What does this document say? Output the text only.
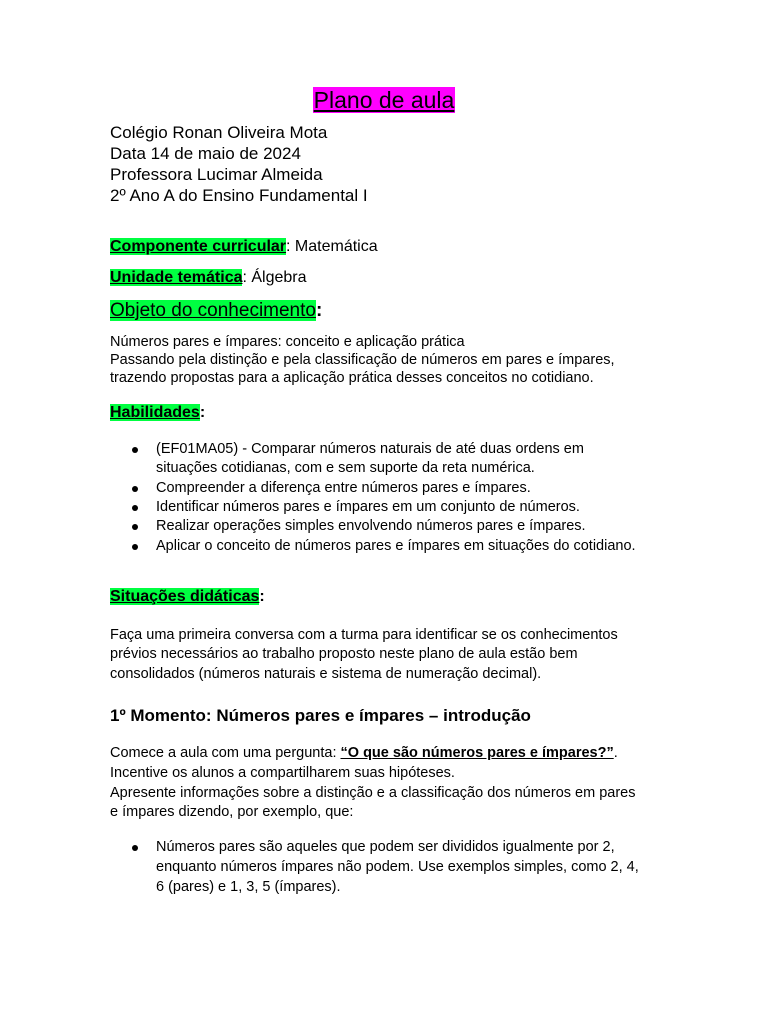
Plano de aula
Colégio Ronan Oliveira Mota
Data 14 de maio de 2024
Professora Lucimar Almeida
2º Ano A do Ensino Fundamental I
Componente curricular: Matemática
Unidade temática: Álgebra
Objeto do conhecimento:
Números pares e ímpares: conceito e aplicação prática
Passando pela distinção e pela classificação de números em pares e ímpares,
trazendo propostas para a aplicação prática desses conceitos no cotidiano.
Habilidades:
(EF01MA05) - Comparar números naturais de até duas ordens em
situações cotidianas, com e sem suporte da reta numérica.
Compreender a diferença entre números pares e ímpares.
Identificar números pares e ímpares em um conjunto de números.
Realizar operações simples envolvendo números pares e ímpares.
Aplicar o conceito de números pares e ímpares em situações do cotidiano.
Situações didáticas:
Faça uma primeira conversa com a turma para identificar se os conhecimentos
prévios necessários ao trabalho proposto neste plano de aula estão bem
consolidados (números naturais e sistema de numeração decimal).
1º Momento: Números pares e ímpares – introdução
Comece a aula com uma pergunta: “O que são números pares e ímpares?”.
Incentive os alunos a compartilharem suas hipóteses.
Apresente informações sobre a distinção e a classificação dos números em pares
e ímpares dizendo, por exemplo, que:
Números pares são aqueles que podem ser divididos igualmente por 2,
enquanto números ímpares não podem. Use exemplos simples, como 2, 4,
6 (pares) e 1, 3, 5 (ímpares).
